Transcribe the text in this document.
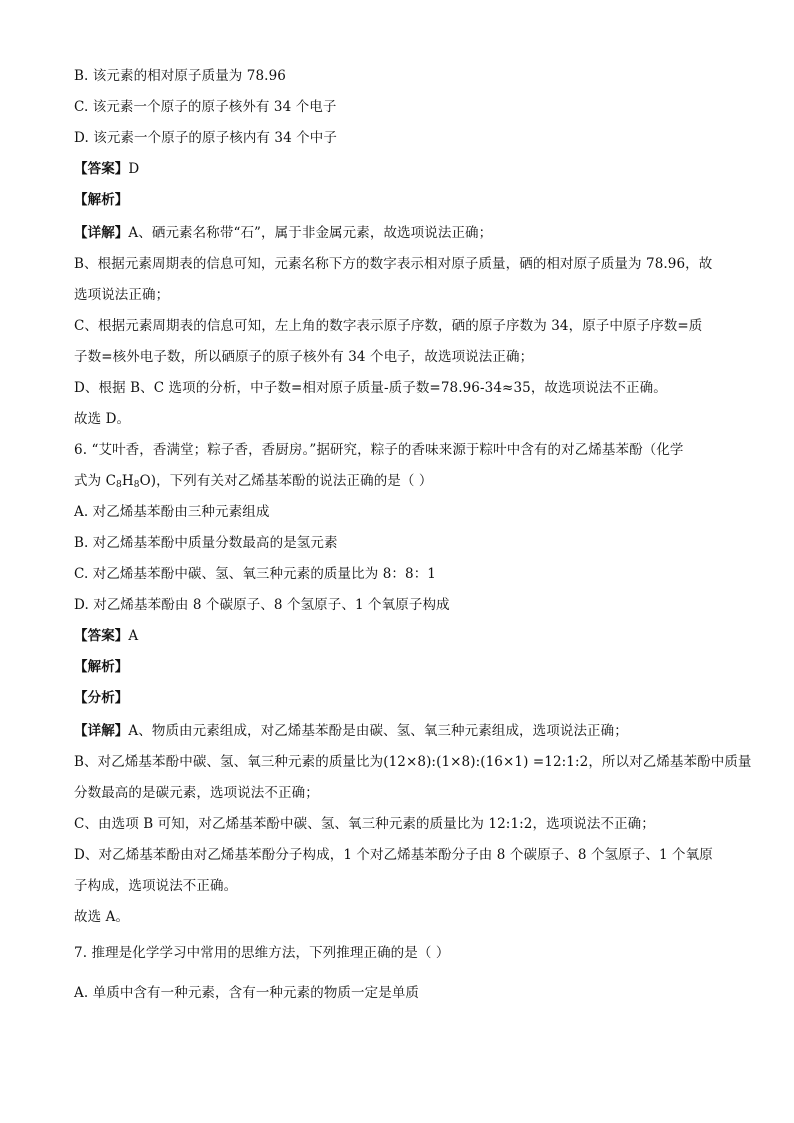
B. 该元素的相对原子质量为 78.96
C. 该元素一个原子的原子核外有 34 个电子
D. 该元素一个原子的原子核内有 34 个中子
【答案】D
【解析】
【详解】A、硒元素名称带“石”，属于非金属元素，故选项说法正确；
B、根据元素周期表的信息可知，元素名称下方的数字表示相对原子质量，硒的相对原子质量为 78.96，故
选项说法正确；
C、根据元素周期表的信息可知，左上角的数字表示原子序数，硒的原子序数为 34，原子中原子序数=质
子数=核外电子数，所以硒原子的原子核外有 34 个电子，故选项说法正确；
D、根据 B、C 选项的分析，中子数=相对原子质量-质子数=78.96-34≈35，故选项说法不正确。
故选 D。
6. “艾叶香，香满堂；粽子香，香厨房。”据研究，粽子的香味来源于粽叶中含有的对乙烯基苯酚（化学
式为 $C_8H_8O$)，下列有关对乙烯基苯酚的说法正确的是（ ）
A. 对乙烯基苯酚由三种元素组成
B. 对乙烯基苯酚中质量分数最高的是氢元素
C. 对乙烯基苯酚中碳、氢、氧三种元素的质量比为 8：8：1
D. 对乙烯基苯酚由 8 个碳原子、8 个氢原子、1 个氧原子构成
【答案】A
【解析】
【分析】
【详解】A、物质由元素组成，对乙烯基苯酚是由碳、氢、氧三种元素组成，选项说法正确；
B、对乙烯基苯酚中碳、氢、氧三种元素的质量比为(12×8):(1×8):(16×1) =12:1:2，所以对乙烯基苯酚中质量
分数最高的是碳元素，选项说法不正确；
C、由选项 B 可知，对乙烯基苯酚中碳、氢、氧三种元素的质量比为 12:1:2，选项说法不正确；
D、对乙烯基苯酚由对乙烯基苯酚分子构成，1 个对乙烯基苯酚分子由 8 个碳原子、8 个氢原子、1 个氧原
子构成，选项说法不正确。
故选 A。
7. 推理是化学学习中常用的思维方法，下列推理正确的是（ ）
A. 单质中含有一种元素，含有一种元素的物质一定是单质
